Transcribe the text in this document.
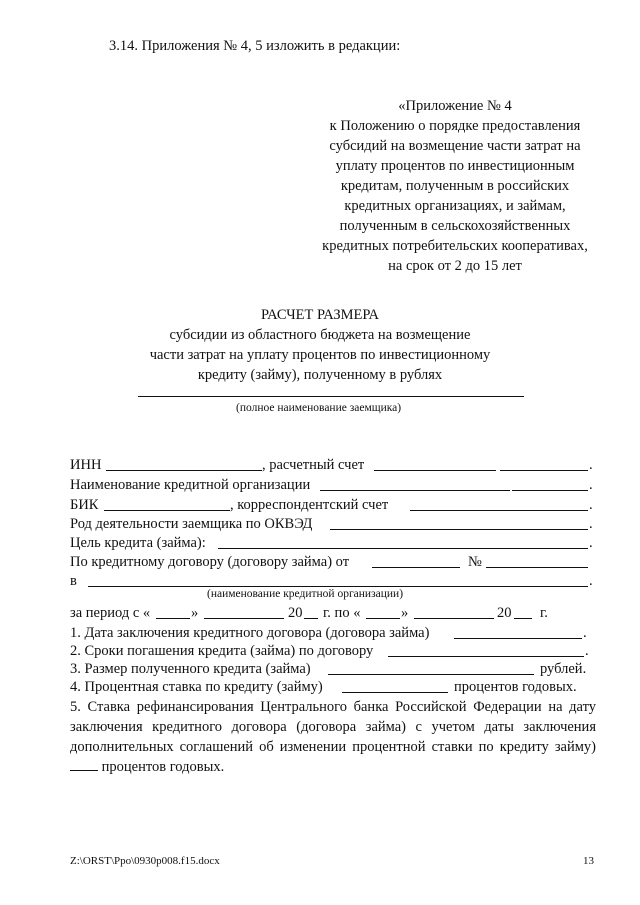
3.14. Приложения № 4, 5 изложить в редакции:
«Приложение № 4
к Положению о порядке предоставления
субсидий на возмещение части затрат на
уплату процентов по инвестиционным
кредитам, полученным в российских
кредитных организациях, и займам,
полученным в сельскохозяйственных
кредитных потребительских кооперативах,
на срок от 2 до 15 лет
РАСЧЕТ РАЗМЕРА
субсидии из областного бюджета на возмещение
части затрат на уплату процентов по инвестиционному
кредиту (займу), полученному в рублях
(полное наименование заемщика)
ИНН	, расчетный счет	.
Наименование кредитной организации	.
БИК	, корреспондентский счет	.
Род деятельности заемщика по ОКВЭД	.
Цель кредита (займа):	.
По кредитному договору (договору займа) от	№
в	.
(наименование кредитной организации)
за период с «	»	20 г. по «	»	20 г.
1. Дата заключения кредитного договора (договора займа)	.
2. Сроки погашения кредита (займа) по договору	.
3. Размер полученного кредита (займа)	рублей.
4. Процентная ставка по кредиту (займу)	процентов годовых.
5. Ставка рефинансирования Центрального банка Российской Федерации на дату заключения кредитного договора (договора займа) с учетом даты заключения дополнительных соглашений об изменении процентной ставки по кредиту займу)  процентов годовых.
Z:\ORST\Ppo\0930p008.f15.docx	13
